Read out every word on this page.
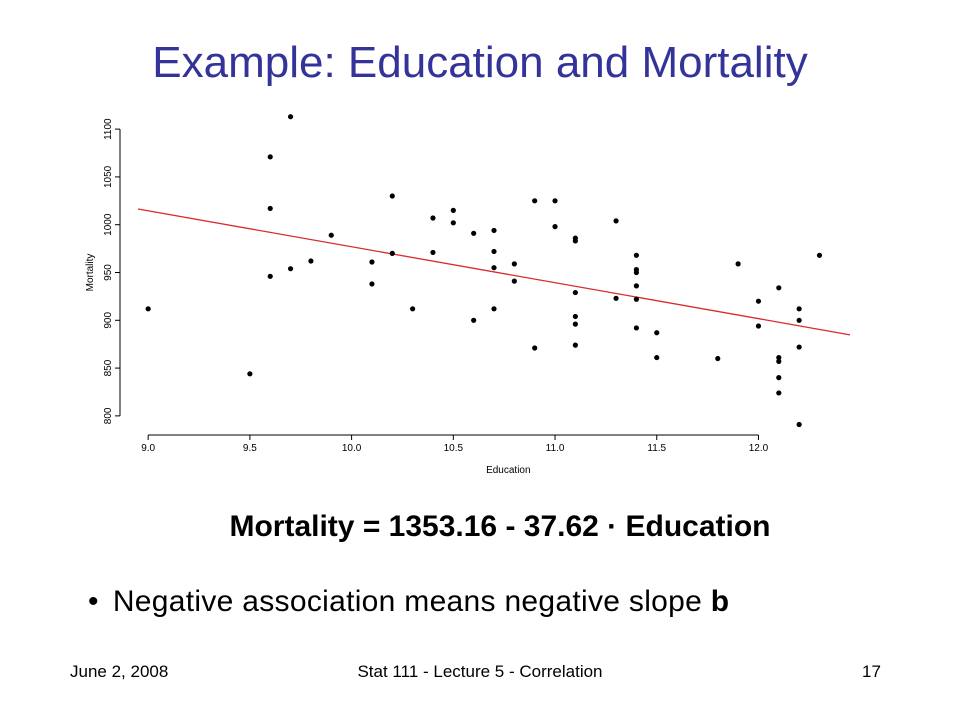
Example: Education and Mortality
9.0	9.5	10.0	10.5	11.0	11.5	12.0
800
850
900
950
1000
1050
1100
Education
Mortality
Mortality = 1353.16 - 37.62 · Education
• Negative association means negative slope b
June 2, 2008	Stat 111 - Lecture 5 - Correlation	17
